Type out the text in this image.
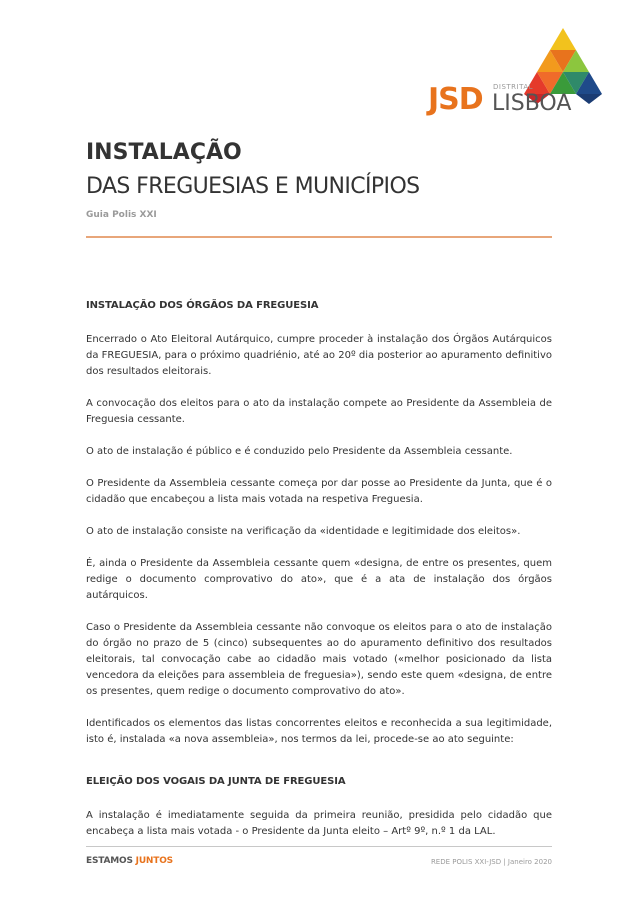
JSD DISTRITAL
LISBOA
INSTALAÇÃO
DAS FREGUESIAS E MUNICÍPIOS
Guia Polis XXI
INSTALAÇÃO DOS ÓRGÃOS DA FREGUESIA

Encerrado o Ato Eleitoral Autárquico, cumpre proceder à instalação dos Órgãos Autárquicos da FREGUESIA, para o próximo quadriénio, até ao 20º dia posterior ao apuramento definitivo dos resultados eleitorais.

A convocação dos eleitos para o ato da instalação compete ao Presidente da Assembleia de Freguesia cessante.

O ato de instalação é público e é conduzido pelo Presidente da Assembleia cessante.

O Presidente da Assembleia cessante começa por dar posse ao Presidente da Junta, que é o cidadão que encabeçou a lista mais votada na respetiva Freguesia.

O ato de instalação consiste na verificação da «identidade e legitimidade dos eleitos».

É, ainda o Presidente da Assembleia cessante quem «designa, de entre os presentes, quem redige o documento comprovativo do ato», que é a ata de instalação dos órgãos autárquicos.

Caso o Presidente da Assembleia cessante não convoque os eleitos para o ato de instalação do órgão no prazo de 5 (cinco) subsequentes ao do apuramento definitivo dos resultados eleitorais, tal convocação cabe ao cidadão mais votado («melhor posicionado da lista vencedora da eleições para assembleia de freguesia»), sendo este quem «designa, de entre os presentes, quem redige o documento comprovativo do ato».

Identificados os elementos das listas concorrentes eleitos e reconhecida a sua legitimidade, isto é, instalada «a nova assembleia», nos termos da lei, procede-se ao ato seguinte:

ELEIÇÃO DOS VOGAIS DA JUNTA DE FREGUESIA

A instalação é imediatamente seguida da primeira reunião, presidida pelo cidadão que encabeça a lista mais votada - o Presidente da Junta eleito – Artº 9º, n.º 1 da LAL.

ESTAMOS JUNTOS	REDE POLIS XXI-JSD | Janeiro 2020
